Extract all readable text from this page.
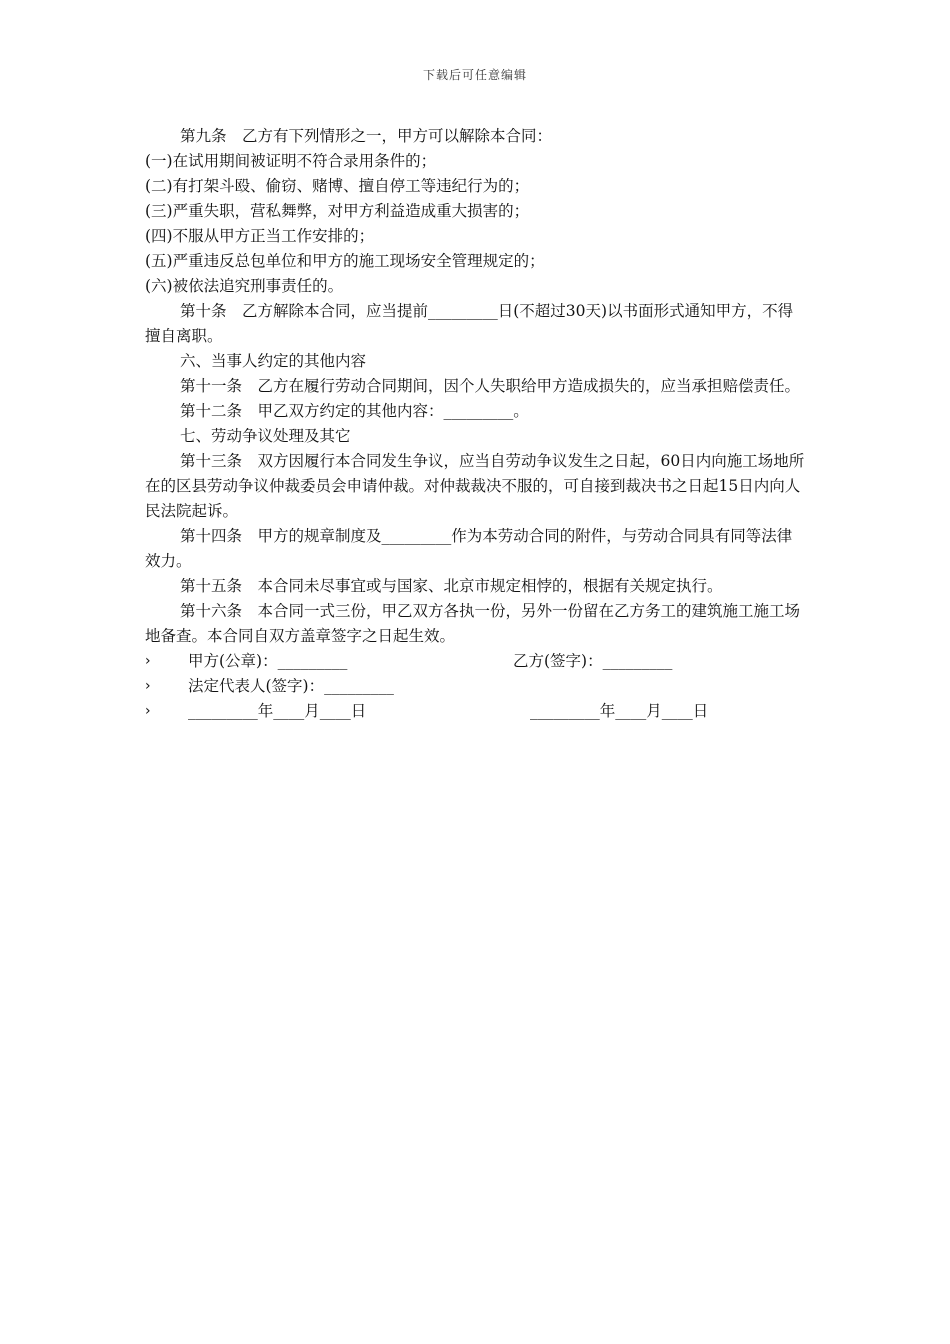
下载后可任意编辑

第九条　乙方有下列情形之一，甲方可以解除本合同：

(一)在试用期间被证明不符合录用条件的；

(二)有打架斗殴、偷窃、赌博、擅自停工等违纪行为的；

(三)严重失职，营私舞弊，对甲方利益造成重大损害的；

(四)不服从甲方正当工作安排的；

(五)严重违反总包单位和甲方的施工现场安全管理规定的；

(六)被依法追究刑事责任的。

第十条　乙方解除本合同，应当提前_________日(不超过30天)以书面形式通知甲方，不得擅自离职。

六、当事人约定的其他内容

第十一条　乙方在履行劳动合同期间，因个人失职给甲方造成损失的，应当承担赔偿责任。

第十二条　甲乙双方约定的其他内容：_________。

七、劳动争议处理及其它

第十三条　双方因履行本合同发生争议，应当自劳动争议发生之日起，60日内向施工场地所在的区县劳动争议仲裁委员会申请仲裁。对仲裁裁决不服的，可自接到裁决书之日起15日内向人民法院起诉。

第十四条　甲方的规章制度及_________作为本劳动合同的附件，与劳动合同具有同等法律效力。

第十五条　本合同未尽事宜或与国家、北京市规定相悖的，根据有关规定执行。

第十六条　本合同一式三份，甲乙双方各执一份，另外一份留在乙方务工的建筑施工施工场地备查。本合同自双方盖章签字之日起生效。

›

甲方(公章)：_________

	乙方(签字)：_________

›

法定代表人(签字)：_________

›

_________年____月____日

	_________年____月____日
